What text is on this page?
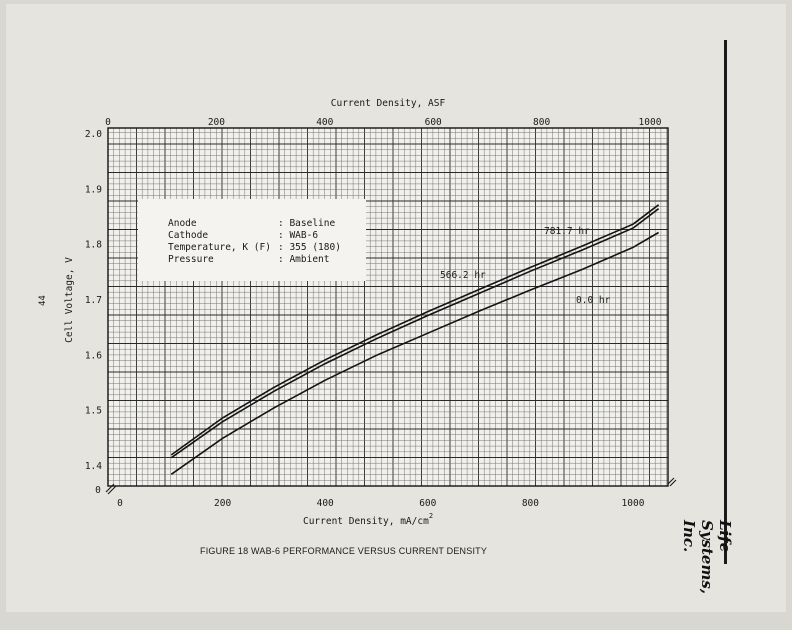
0	200	400	600	800	1000
1.4
1.5
1.6
1.7
1.8
1.9
2.0
0	200	400	600	800	1000
0.0 hr
566.2 hr
781.7 hr
Current Density, ASF
Cell Voltage, V
Current Density, $mA/cm^2$
0
Anode	: Baseline
Cathode	: WAB-6
Temperature, K (F) : 355 (180)
Pressure	: Ambient
44
Life Systems, Inc.
FIGURE 18 WAB-6 PERFORMANCE VERSUS CURRENT DENSITY
